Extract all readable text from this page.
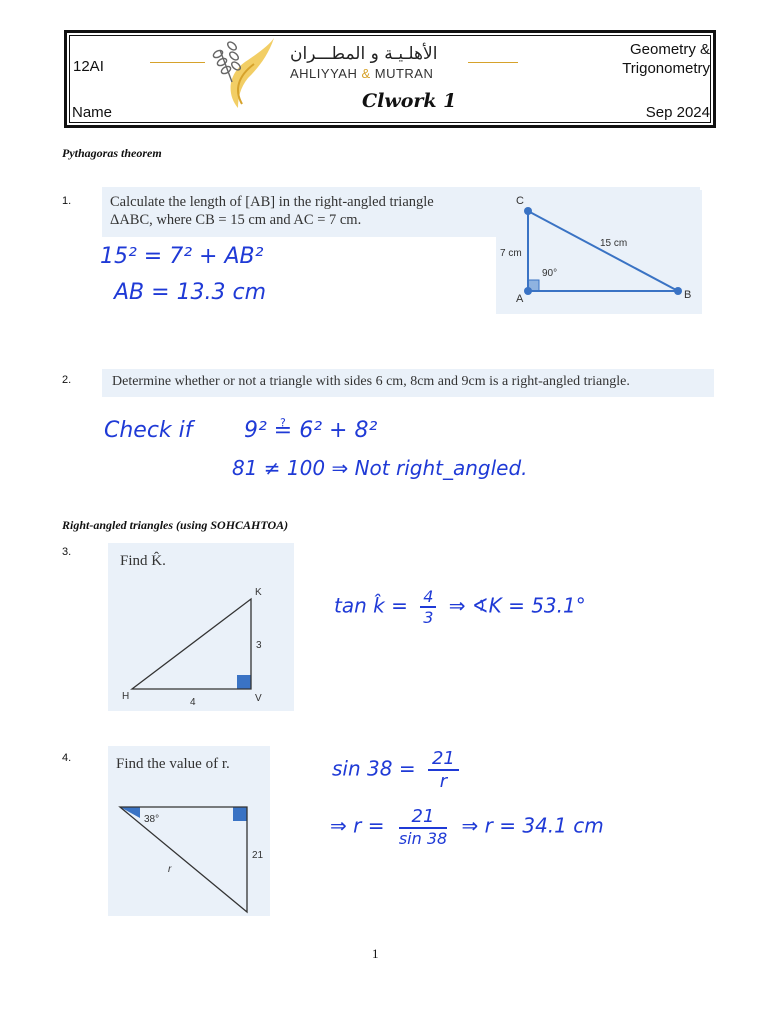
12AI
Name
Geometry &
Trigonometry
Sep 2024
الأهلـيـة و المطـــران
AHLIYYAH & MUTRAN
Clwork 1
Pythagoras theorem
1.	Calculate the length of [AB] in the right-angled triangle
ΔABC, where CB = 15 cm and AC = 7 cm.
C
A	B
7 cm
15 cm
90°
15² = 7² + AB²
AB = 13.3 cm
2.	Determine whether or not a triangle with sides 6 cm, 8cm and 9cm is a right-angled triangle.
Check if 9² ≟ 6² + 8²
81 ≠ 100 ⇒ Not right_angled.
Right-angled triangles (using SOHCAHTOA)
3.
Find K̂.
K
H	V
3
4
tan k̂ = $\frac{4}{3}$ ⇒ ∢K = 53.1°
4.	Find the value of r.
38°
21
r
$\sin 38 = \frac{21}{r}$
⇒ $r = \frac{21}{\sin 38}$ ⇒ r = 34.1 cm
1
